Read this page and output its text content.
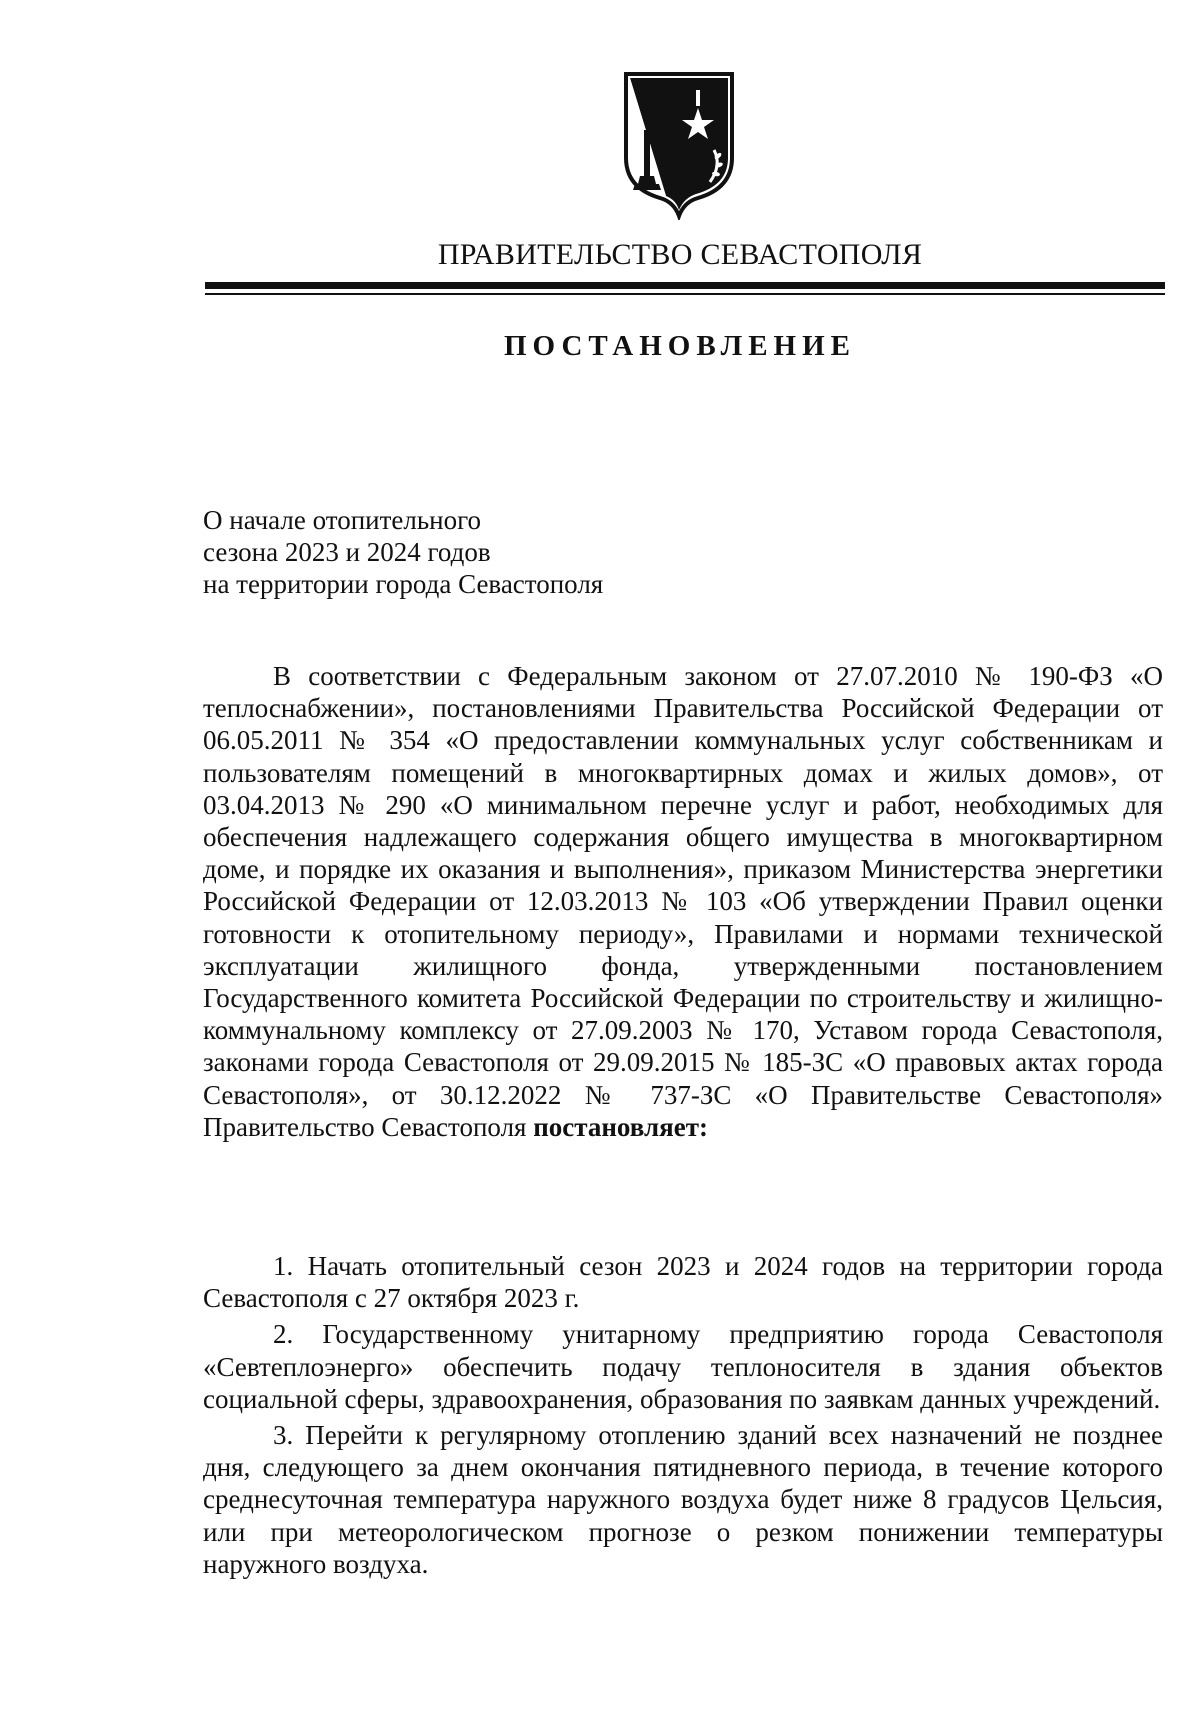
ПРАВИТЕЛЬСТВО СЕВАСТОПОЛЯ
ПОСТАНОВЛЕНИЕ
О начале отопительного
сезона 2023 и 2024 годов
на территории города Севастополя

В соответствии с Федеральным законом от 27.07.2010 № 190-ФЗ «О теплоснабжении», постановлениями Правительства Российской Федерации от 06.05.2011 № 354 «О предоставлении коммунальных услуг собственникам и пользователям помещений в многоквартирных домах и жилых домов», от 03.04.2013 № 290 «О минимальном перечне услуг и работ, необходимых для обеспечения надлежащего содержания общего имущества в многоквартирном доме, и порядке их оказания и выполнения», приказом Министерства энергетики Российской Федерации от 12.03.2013 № 103 «Об утверждении Правил оценки готовности к отопительному периоду», Правилами и нормами технической эксплуатации жилищного фонда, утвержденными постановлением Государственного комитета Российской Федерации по строительству и жилищно-коммунальному комплексу от 27.09.2003 № 170, Уставом города Севастополя, законами города Севастополя от 29.09.2015 № 185-ЗС «О правовых актах города Севастополя», от 30.12.2022 № 737-ЗС «О Правительстве Севастополя» Правительство Севастополя постановляет:

1. Начать отопительный сезон 2023 и 2024 годов на территории города Севастополя с 27 октября 2023 г.

2. Государственному унитарному предприятию города Севастополя «Севтеплоэнерго» обеспечить подачу теплоносителя в здания объектов социальной сферы, здравоохранения, образования по заявкам данных учреждений.

3. Перейти к регулярному отоплению зданий всех назначений не позднее дня, следующего за днем окончания пятидневного периода, в течение которого среднесуточная температура наружного воздуха будет ниже 8 градусов Цельсия, или при метеорологическом прогнозе о резком понижении температуры наружного воздуха.
